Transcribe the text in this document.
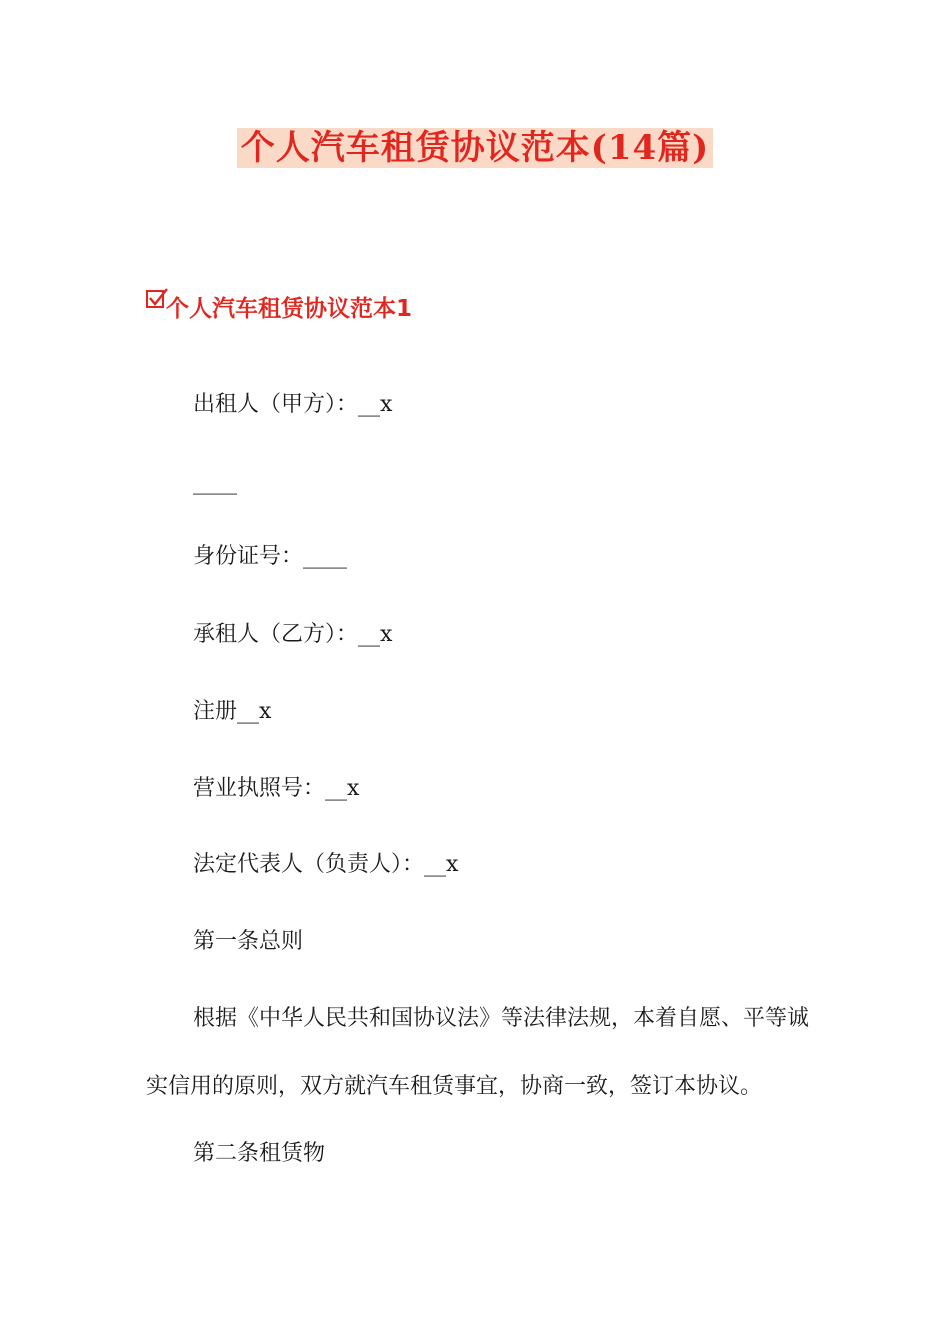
个人汽车租赁协议范本(14篇)
个人汽车租赁协议范本1

出租人（甲方）：__x

____

身份证号：____

承租人（乙方）：__x

注册__x

营业执照号：__x

法定代表人（负责人）：__x

第一条总则

根据《中华人民共和国协议法》等法律法规，本着自愿、平等诚实信用的原则，双方就汽车租赁事宜，协商一致，签订本协议。

第二条租赁物
